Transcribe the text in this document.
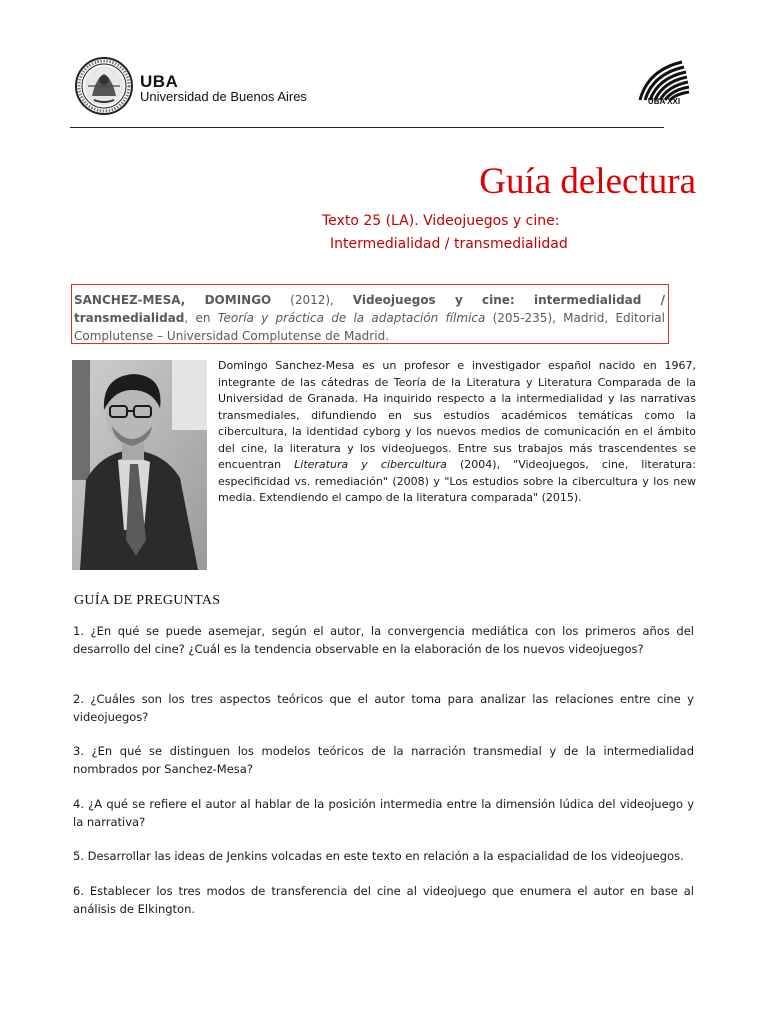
UBA
Universidad de Buenos Aires	UBA XXI
Guía delectura
Texto 25 (LA). Videojuegos y cine:
Intermedialidad / transmedialidad
SANCHEZ-MESA, DOMINGO (2012), Videojuegos y cine: intermedialidad / transmedialidad, en Teoría y práctica de la adaptación fílmica (205-235), Madrid, Editorial Complutense – Universidad Complutense de Madrid.
Domingo Sanchez-Mesa es un profesor e investigador español nacido en 1967, integrante de las cátedras de Teoría de la Literatura y Literatura Comparada de la Universidad de Granada. Ha inquirido respecto a la intermedialidad y las narrativas transmediales, difundiendo en sus estudios académicos temáticas como la cibercultura, la identidad cyborg y los nuevos medios de comunicación en el ámbito del cine, la literatura y los videojuegos. Entre sus trabajos más trascendentes se encuentran Literatura y cibercultura (2004), "Videojuegos, cine, literatura: especificidad vs. remediación" (2008) y "Los estudios sobre la cibercultura y los new media. Extendiendo el campo de la literatura comparada" (2015).
GUÍA DE PREGUNTAS
1. ¿En qué se puede asemejar, según el autor, la convergencia mediática con los primeros años del desarrollo del cine? ¿Cuál es la tendencia observable en la elaboración de los nuevos videojuegos?
2. ¿Cuáles son los tres aspectos teóricos que el autor toma para analizar las relaciones entre cine y videojuegos?
3. ¿En qué se distinguen los modelos teóricos de la narración transmedial y de la intermedialidad nombrados por Sanchez-Mesa?
4. ¿A qué se refiere el autor al hablar de la posición intermedia entre la dimensión lúdica del videojuego y la narrativa?
5. Desarrollar las ideas de Jenkins volcadas en este texto en relación a la espacialidad de los videojuegos.
6. Establecer los tres modos de transferencia del cine al videojuego que enumera el autor en base al análisis de Elkington.
